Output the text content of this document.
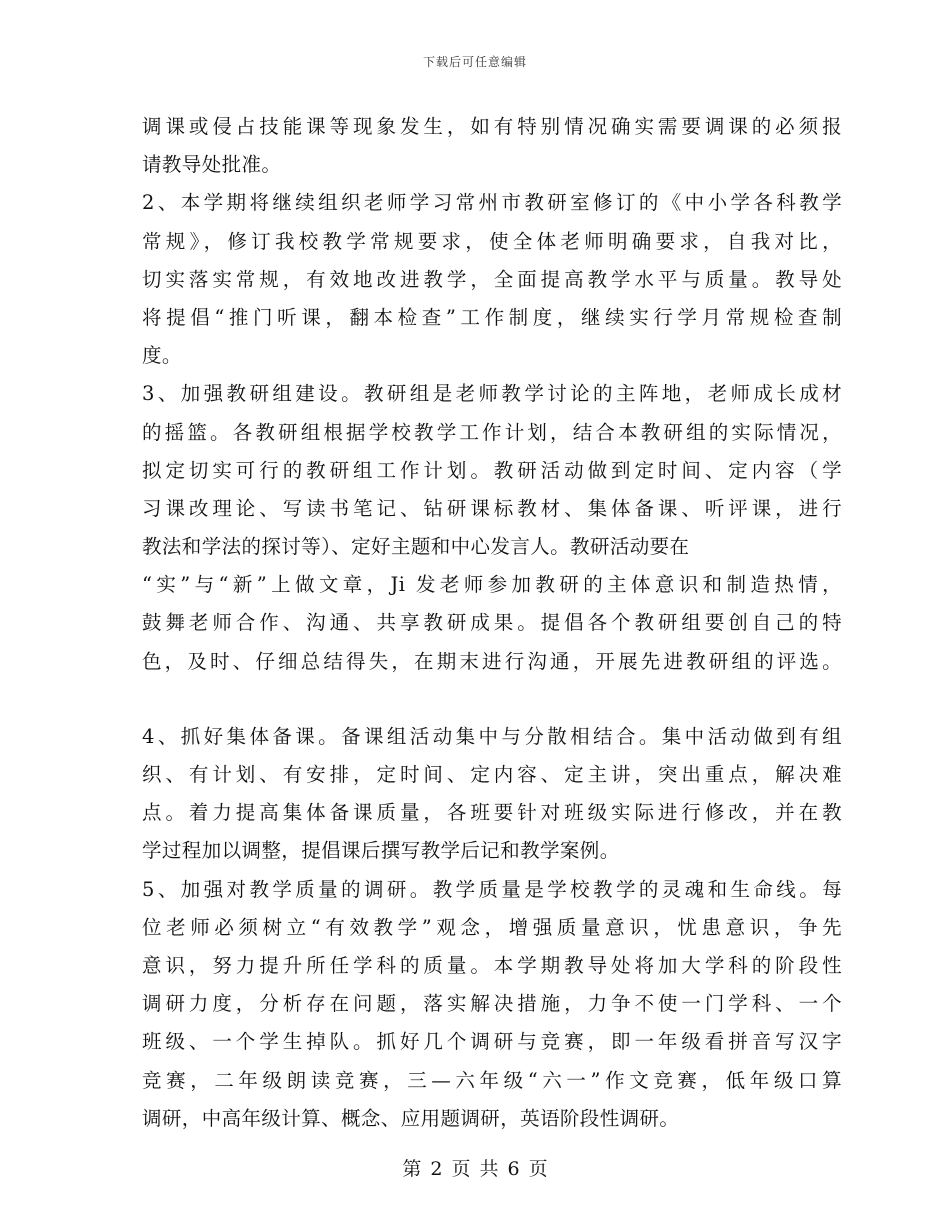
下载后可任意编辑
调课或侵占技能课等现象发生，如有特别情况确实需要调课的必须报
请教导处批准。
2、本学期将继续组织老师学习常州市教研室修订的《中小学各科教学
常规》，修订我校教学常规要求，使全体老师明确要求，自我对比，
切实落实常规，有效地改进教学，全面提高教学水平与质量。教导处
将提倡“推门听课，翻本检查”工作制度，继续实行学月常规检查制
度。
3、加强教研组建设。教研组是老师教学讨论的主阵地，老师成长成材
的摇篮。各教研组根据学校教学工作计划，结合本教研组的实际情况，
拟定切实可行的教研组工作计划。教研活动做到定时间、定内容（学
习课改理论、写读书笔记、钻研课标教材、集体备课、听评课，进行
教法和学法的探讨等）、定好主题和中心发言人。教研活动要在
“实”与“新”上做文章，Ji 发老师参加教研的主体意识和制造热情，
鼓舞老师合作、沟通、共享教研成果。提倡各个教研组要创自己的特
色，及时、仔细总结得失，在期末进行沟通，开展先进教研组的评选。
4、抓好集体备课。备课组活动集中与分散相结合。集中活动做到有组
织、有计划、有安排，定时间、定内容、定主讲，突出重点，解决难
点。着力提高集体备课质量，各班要针对班级实际进行修改，并在教
学过程加以调整，提倡课后撰写教学后记和教学案例。
5、加强对教学质量的调研。教学质量是学校教学的灵魂和生命线。每
位老师必须树立“有效教学”观念，增强质量意识，忧患意识，争先
意识，努力提升所任学科的质量。本学期教导处将加大学科的阶段性
调研力度，分析存在问题，落实解决措施，力争不使一门学科、一个
班级、一个学生掉队。抓好几个调研与竞赛，即一年级看拼音写汉字
竞赛，二年级朗读竞赛，三—六年级“六一”作文竞赛，低年级口算
调研，中高年级计算、概念、应用题调研，英语阶段性调研。
第 2 页 共 6 页
